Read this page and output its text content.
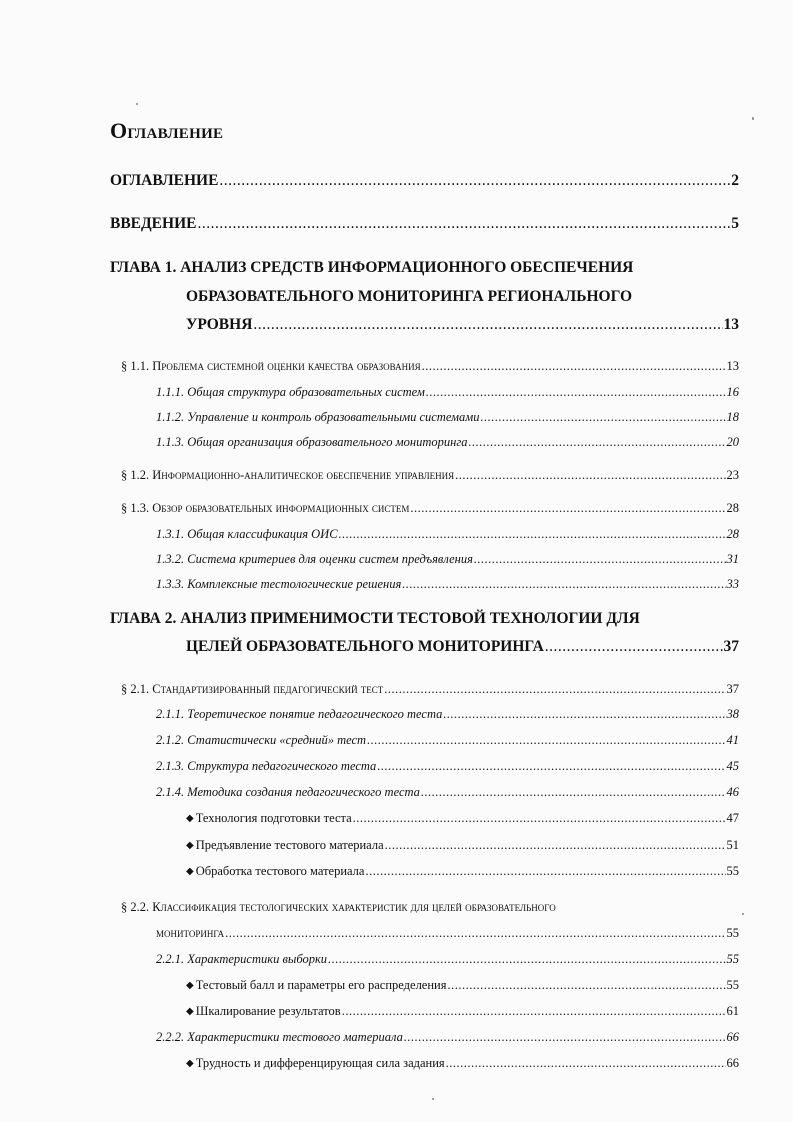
Оглавление
ОГЛАВЛЕНИЕ .....	2
ВВЕДЕНИЕ .....	5
ГЛАВА 1. АНАЛИЗ СРЕДСТВ ИНФОРМАЦИОННОГО ОБЕСПЕЧЕНИЯ
ОБРАЗОВАТЕЛЬНОГО МОНИТОРИНГА РЕГИОНАЛЬНОГО
УРОВНЯ .....	13
§ 1.1. Проблема системной оценки качества образования .....	13
1.1.1. Общая структура образовательных систем .....	16
1.1.2. Управление и контроль образовательными системами .....	18
1.1.3. Общая организация образовательного мониторинга .....	20
§ 1.2. Информационно-аналитическое обеспечение управления .....	23
§ 1.3. Обзор образовательных информационных систем .....	28
1.3.1. Общая классификация ОИС .....	28
1.3.2. Система критериев для оценки систем предъявления .....	31
1.3.3. Комплексные тестологические решения .....	33
ГЛАВА 2. АНАЛИЗ ПРИМЕНИМОСТИ ТЕСТОВОЙ ТЕХНОЛОГИИ ДЛЯ
ЦЕЛЕЙ ОБРАЗОВАТЕЛЬНОГО МОНИТОРИНГА .....	37
§ 2.1. Стандартизированный педагогический тест .....	37
2.1.1. Теоретическое понятие педагогического теста .....	38
2.1.2. Статистически «средний» тест .....	41
2.1.3. Структура педагогического теста .....	45
2.1.4. Методика создания педагогического теста .....	46
◆ Технология подготовки теста .....	47
◆ Предъявление тестового материала .....	51
◆ Обработка тестового материала .....	55
§ 2.2. Классификация тестологических характеристик для целей образовательного
мониторинга .....	55
2.2.1. Характеристики выборки .....	55
◆ Тестовый балл и параметры его распределения .....	55
◆ Шкалирование результатов .....	61
2.2.2. Характеристики тестового материала .....	66
◆ Трудность и дифференцирующая сила задания .....	66
